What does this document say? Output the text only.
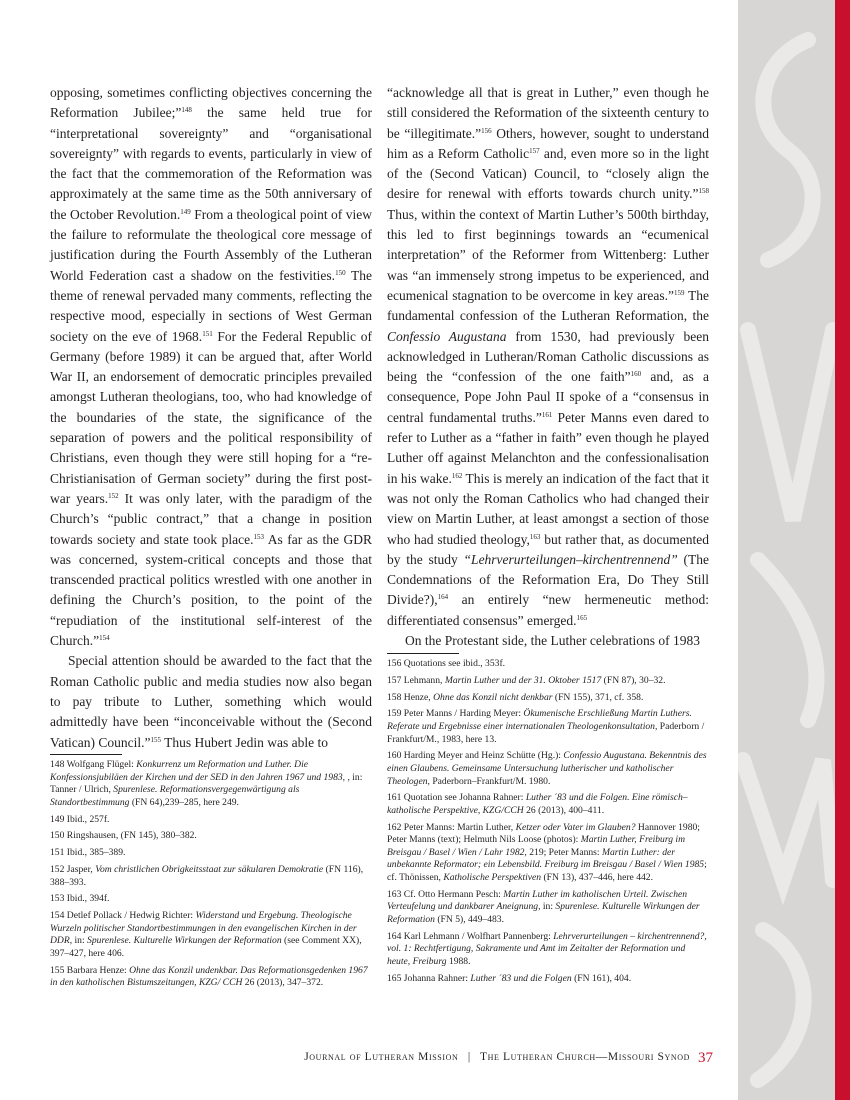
opposing, sometimes conflicting objectives concerning the Reformation Jubilee;”$^{148}$ the same held true for “interpretational sovereignty” and “organisational sovereignty” with regards to events, particularly in view of the fact that the commemoration of the Reformation was approximately at the same time as the 50th anniversary of the October Revolution.$^{149}$ From a theological point of view the failure to reformulate the theological core message of justification during the Fourth Assembly of the Lutheran World Federation cast a shadow on the festivities.$^{150}$ The theme of renewal pervaded many comments, reflecting the respective mood, especially in sections of West German society on the eve of 1968.$^{151}$ For the Federal Republic of Germany (before 1989) it can be argued that, after World War II, an endorsement of democratic principles prevailed amongst Lutheran theologians, too, who had knowledge of the boundaries of the state, the significance of the separation of powers and the political responsibility of Christians, even though they were still hoping for a “re-Christianisation of German society” during the first post-war years.$^{152}$ It was only later, with the paradigm of the Church’s “public contract,” that a change in position towards society and state took place.$^{153}$ As far as the GDR was concerned, system-critical concepts and those that transcended practical politics wrestled with one another in defining the Church’s position, to the point of the “repudiation of the institutional self-interest of the Church.”$^{154}$

Special attention should be awarded to the fact that the Roman Catholic public and media studies now also began to pay tribute to Luther, something which would admittedly have been “inconceivable without the (Second Vatican) Council.”$^{155}$ Thus Hubert Jedin was able to

“acknowledge all that is great in Luther,” even though he still considered the Reformation of the sixteenth century to be “illegitimate.”$^{156}$ Others, however, sought to understand him as a Reform Catholic$^{157}$ and, even more so in the light of the (Second Vatican) Council, to “closely align the desire for renewal with efforts towards church unity.”$^{158}$ Thus, within the context of Martin Luther’s 500th birthday, this led to first beginnings towards an “ecumenical interpretation” of the Reformer from Wittenberg: Luther was “an immensely strong impetus to be experienced, and ecumenical stagnation to be overcome in key areas.”$^{159}$ The fundamental confession of the Lutheran Reformation, the Confessio Augustana from 1530, had previously been acknowledged in Lutheran/Roman Catholic discussions as being the “confession of the one faith”$^{160}$ and, as a consequence, Pope John Paul II spoke of a “consensus in central fundamental truths.”$^{161}$ Peter Manns even dared to refer to Luther as a “father in faith” even though he played Luther off against Melanchton and the confessionalisation in his wake.$^{162}$ This is merely an indication of the fact that it was not only the Roman Catholics who had changed their view on Martin Luther, at least amongst a section of those who had studied theology,$^{163}$ but rather that, as documented by the study “Lehrverurteilungen–kirchentrennend” (The Condemnations of the Reformation Era, Do They Still Divide?),$^{164}$ an entirely “new hermeneutic method: differentiated consensus” emerged.$^{165}$

On the Protestant side, the Luther celebrations of 1983

148 Wolfgang Flügel: Konkurrenz um Reformation und Luther. Die Konfessionsjubiläen der Kirchen und der SED in den Jahren 1967 und 1983, , in: Tanner / Ulrich, Spurenlese. Reformationsvergegenwärtigung als Standortbestimmung (FN 64),239–285, here 249.

149 Ibid., 257f.

150 Ringshausen, (FN 145), 380–382.

151 Ibid., 385–389.

152 Jasper, Vom christlichen Obrigkeitsstaat zur säkularen Demokratie (FN 116), 388–393.

153 Ibid., 394f.

154 Detlef Pollack / Hedwig Richter: Widerstand und Ergebung. Theologische Wurzeln politischer Standortbestimmungen in den evangelischen Kirchen in der DDR, in: Spurenlese. Kulturelle Wirkungen der Reformation (see Comment XX), 397–427, here 406.

155 Barbara Henze: Ohne das Konzil undenkbar. Das Reformationsgedenken 1967 in den katholischen Bistumszeitungen, KZG/ CCH 26 (2013), 347–372.

156 Quotations see ibid., 353f.

157 Lehmann, Martin Luther und der 31. Oktober 1517 (FN 87), 30–32.

158 Henze, Ohne das Konzil nicht denkbar (FN 155), 371, cf. 358.

159 Peter Manns / Harding Meyer: Ökumenische Erschließung Martin Luthers. Referate und Ergebnisse einer internationalen Theologenkonsultation, Paderborn / Frankfurt/M., 1983, here 13.

160 Harding Meyer and Heinz Schütte (Hg.): Confessio Augustana. Bekenntnis des einen Glaubens. Gemeinsame Untersuchung lutherischer und katholischer Theologen, Paderborn–Frankfurt/M. 1980.

161 Quotation see Johanna Rahner: Luther ´83 und die Folgen. Eine römisch–katholische Perspektive, KZG/CCH 26 (2013), 400–411.

162 Peter Manns: Martin Luther, Ketzer oder Vater im Glauben? Hannover 1980; Peter Manns (text); Helmuth Nils Loose (photos): Martin Luther, Freiburg im Breisgau / Basel / Wien / Lahr 1982, 219; Peter Manns: Martin Luther: der unbekannte Reformator; ein Lebensbild. Freiburg im Breisgau / Basel / Wien 1985; cf. Thönissen, Katholische Perspektiven (FN 13), 437–446, here 442.

163 Cf. Otto Hermann Pesch: Martin Luther im katholischen Urteil. Zwischen Verteufelung und dankbarer Aneignung, in: Spurenlese. Kulturelle Wirkungen der Reformation (FN 5), 449–483.

164 Karl Lehmann / Wolfhart Pannenberg: Lehrverurteilungen – kirchentrennend?, vol. 1: Rechtfertigung, Sakramente und Amt im Zeitalter der Reformation und heute, Freiburg 1988.

165 Johanna Rahner: Luther ´83 und die Folgen (FN 161), 404.

Journal of Lutheran Mission | The Lutheran Church—Missouri Synod 37
